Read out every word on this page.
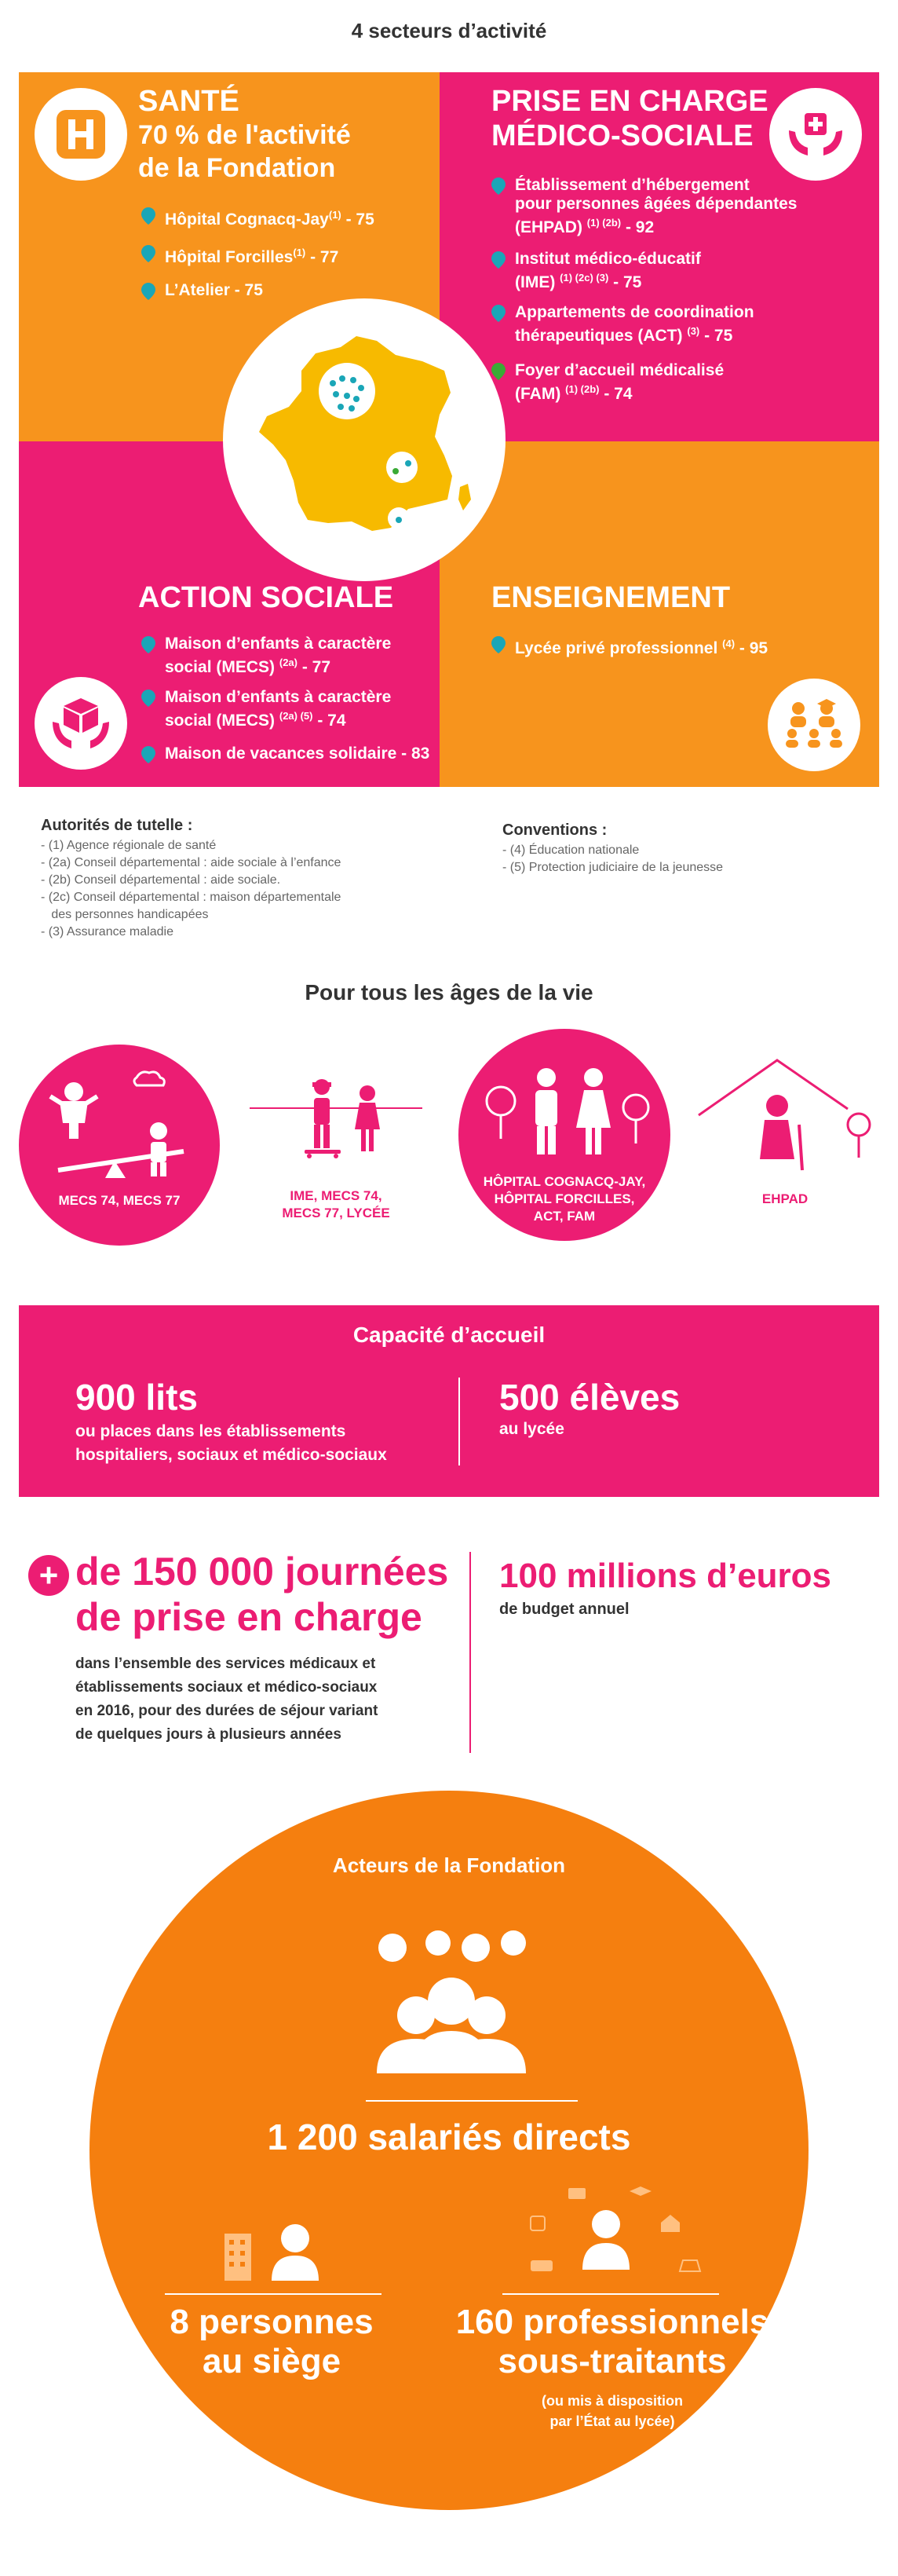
4 secteurs d’activité
SANTÉ
70 % de l'activité
de la Fondation
Hôpital Cognacq-Jay$^{(1)}$ - 75
Hôpital Forcilles$^{(1)}$ - 77
L’Atelier - 75
PRISE EN CHARGE
MÉDICO-SOCIALE
Établissement d’hébergement
pour personnes âgées dépendantes
(EHPAD) $^{(1) (2b)}$ - 92
Institut médico-éducatif
(IME) $^{(1) (2c) (3)}$ - 75
Appartements de coordination
thérapeutiques (ACT) $^{(3)}$ - 75
Foyer d’accueil médicalisé
(FAM) $^{(1) (2b)}$ - 74
ACTION SOCIALE
Maison d’enfants à caractère
social (MECS) $^{(2a)}$ - 77
Maison d’enfants à caractère
social (MECS) $^{(2a) (5)}$ - 74
Maison de vacances solidaire - 83
ENSEIGNEMENT
Lycée privé professionnel $^{(4)}$ - 95
Autorités de tutelle :
- (1) Agence régionale de santé
- (2a) Conseil départemental : aide sociale à l’enfance
- (2b) Conseil départemental : aide sociale.
- (2c) Conseil départemental : maison départementale
des personnes handicapées
- (3) Assurance maladie
Conventions :
- (4) Éducation nationale
- (5) Protection judiciaire de la jeunesse
Pour tous les âges de la vie
MECS 74, MECS 77	IME, MECS 74,
MECS 77, LYCÉE
HÔPITAL COGNACQ-JAY,
HÔPITAL FORCILLES,
ACT, FAM
EHPAD
Capacité d’accueil
900 lits
ou places dans les établissements
hospitaliers, sociaux et médico-sociaux
500 élèves
au lycée
+ de 150 000 journées
de prise en charge
dans l’ensemble des services médicaux et
établissements sociaux et médico-sociaux
en 2016, pour des durées de séjour variant
de quelques jours à plusieurs années
100 millions d’euros
de budget annuel
Acteurs de la Fondation
1 200 salariés directs
8 personnes
au siège
160 professionnels
sous-traitants
(ou mis à disposition
par l’État au lycée)
